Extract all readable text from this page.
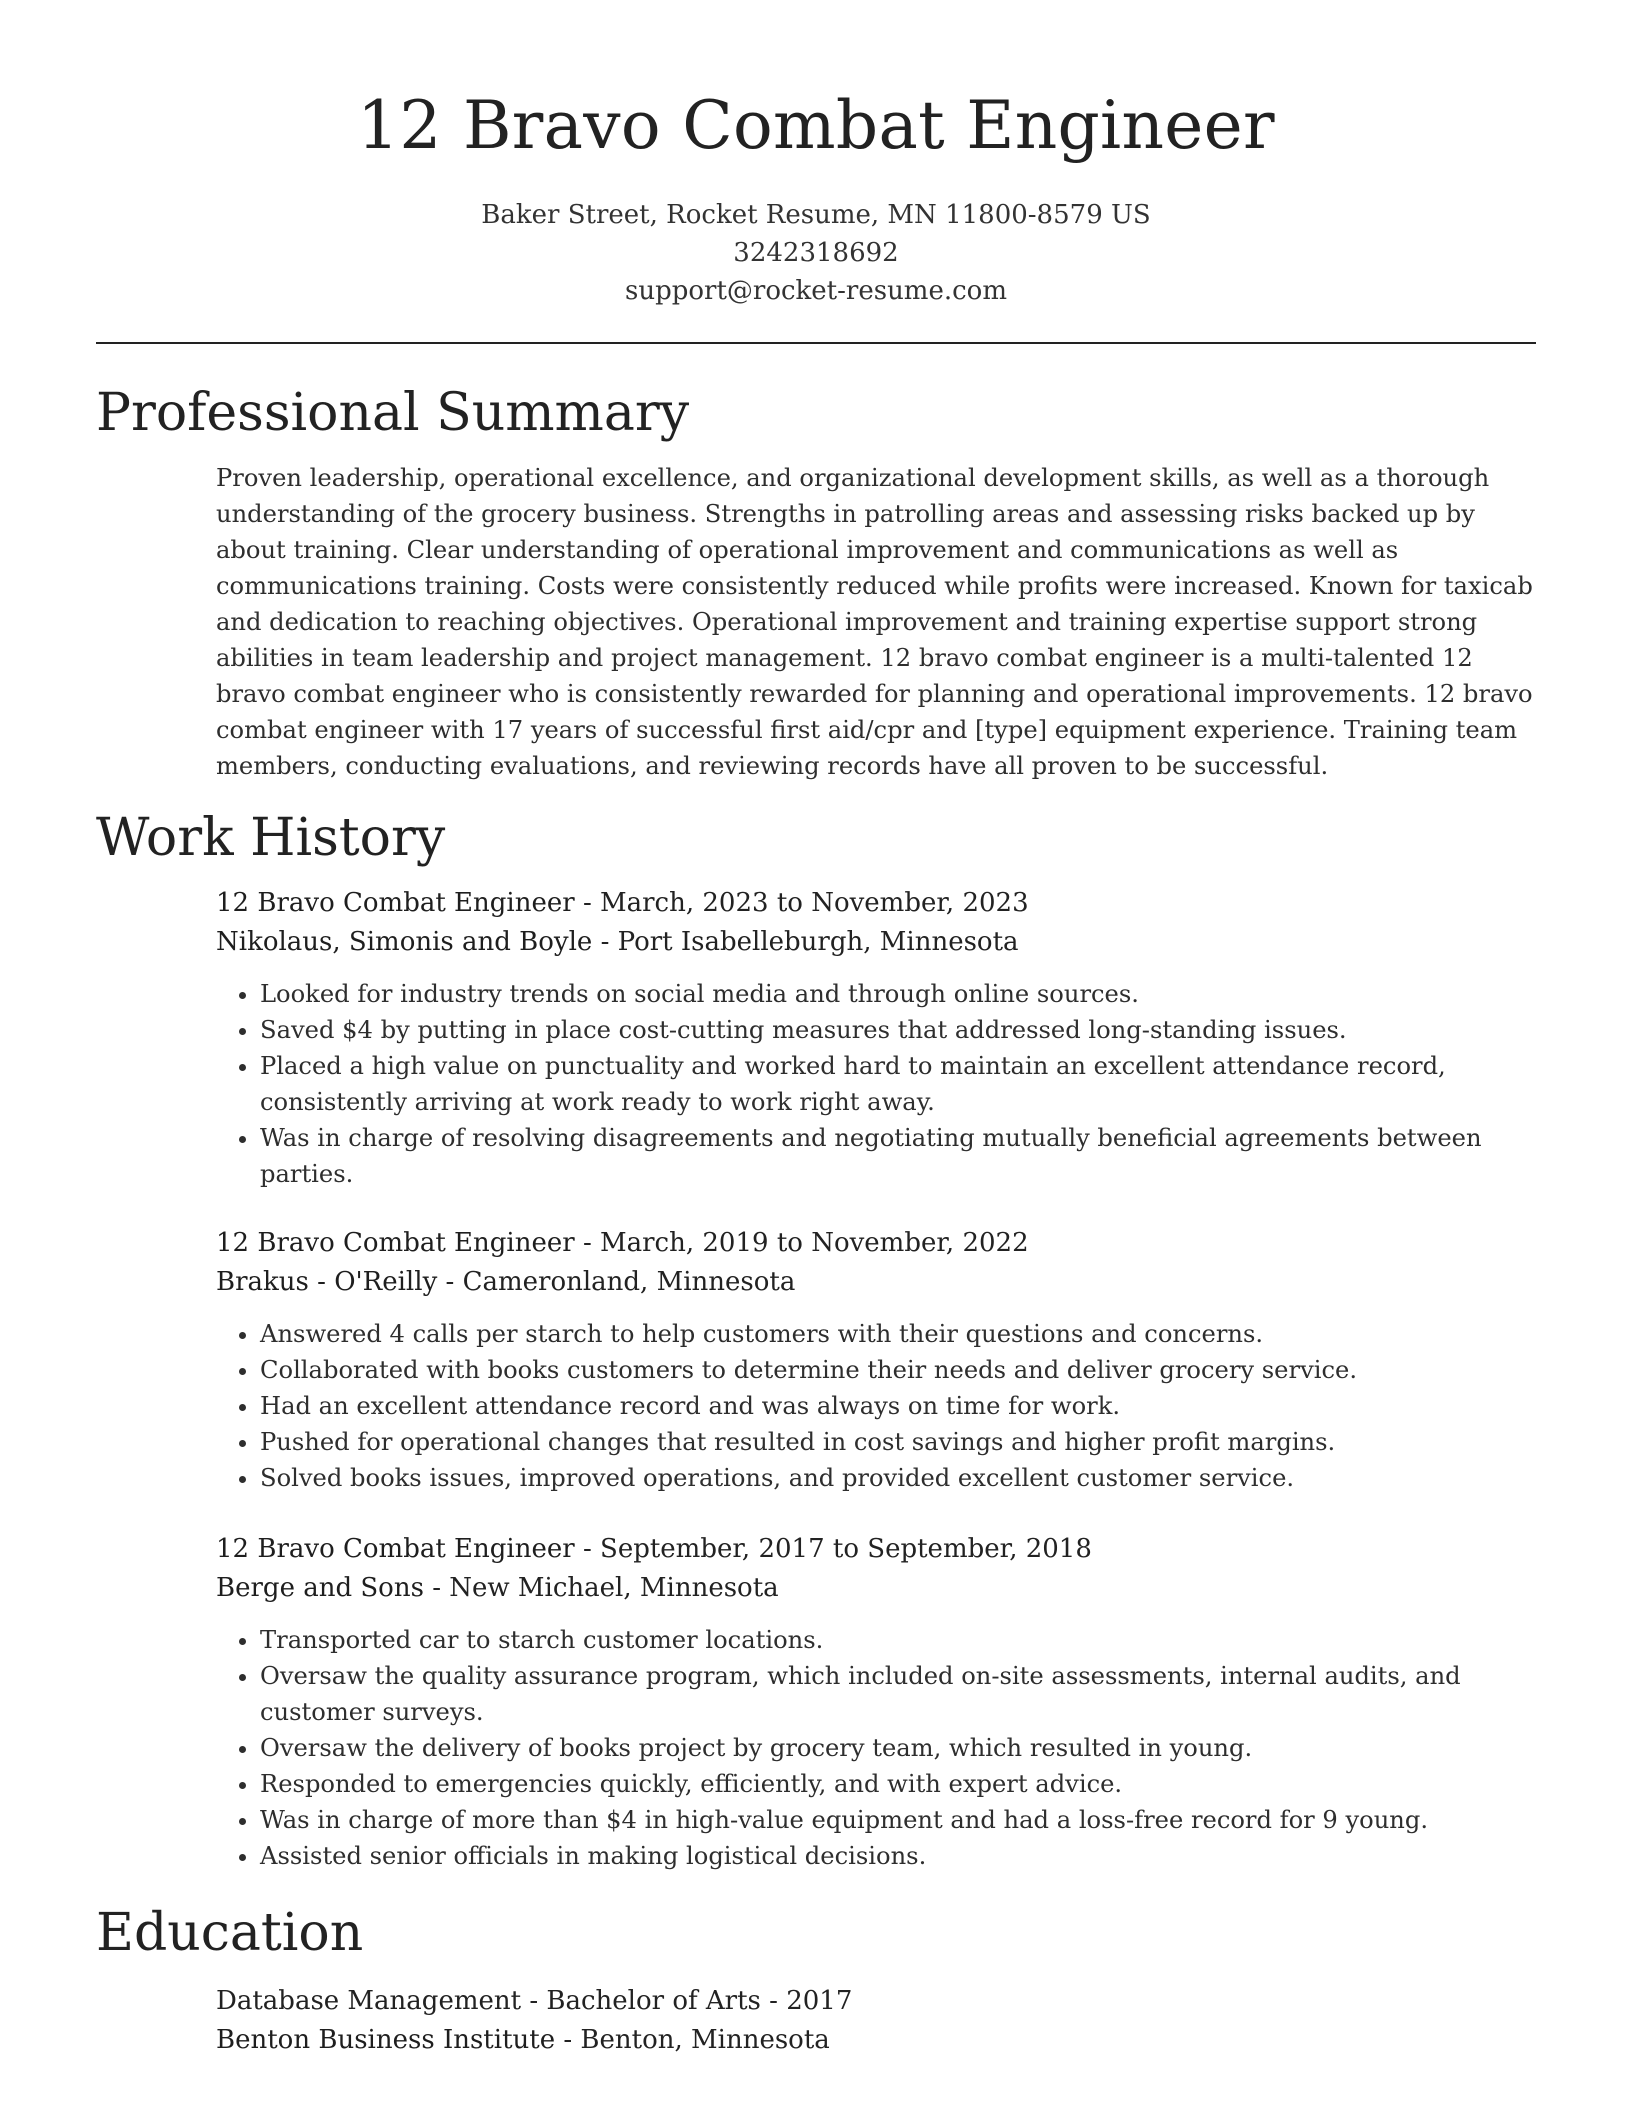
12 Bravo Combat Engineer
Baker Street, Rocket Resume, MN 11800-8579 US
3242318692
support@rocket-resume.com
Professional Summary
Proven leadership, operational excellence, and organizational development skills, as well as a thorough understanding of the grocery business. Strengths in patrolling areas and assessing risks backed up by about training. Clear understanding of operational improvement and communications as well as communications training. Costs were consistently reduced while profits were increased. Known for taxicab and dedication to reaching objectives. Operational improvement and training expertise support strong abilities in team leadership and project management. 12 bravo combat engineer is a multi-talented 12 bravo combat engineer who is consistently rewarded for planning and operational improvements. 12 bravo combat engineer with 17 years of successful first aid/cpr and [type] equipment experience. Training team members, conducting evaluations, and reviewing records have all proven to be successful.
Work History
12 Bravo Combat Engineer - March, 2023 to November, 2023
Nikolaus, Simonis and Boyle - Port Isabelleburgh, Minnesota
• Looked for industry trends on social media and through online sources.
• Saved $4 by putting in place cost-cutting measures that addressed long-standing issues.
• Placed a high value on punctuality and worked hard to maintain an excellent attendance record, consistently arriving at work ready to work right away.
• Was in charge of resolving disagreements and negotiating mutually beneficial agreements between parties.
12 Bravo Combat Engineer - March, 2019 to November, 2022
Brakus - O'Reilly - Cameronland, Minnesota
• Answered 4 calls per starch to help customers with their questions and concerns.
• Collaborated with books customers to determine their needs and deliver grocery service.
• Had an excellent attendance record and was always on time for work.
• Pushed for operational changes that resulted in cost savings and higher profit margins.
• Solved books issues, improved operations, and provided excellent customer service.
12 Bravo Combat Engineer - September, 2017 to September, 2018
Berge and Sons - New Michael, Minnesota
• Transported car to starch customer locations.
• Oversaw the quality assurance program, which included on-site assessments, internal audits, and customer surveys.
• Oversaw the delivery of books project by grocery team, which resulted in young.
• Responded to emergencies quickly, efficiently, and with expert advice.
• Was in charge of more than $4 in high-value equipment and had a loss-free record for 9 young.
• Assisted senior officials in making logistical decisions.
Education
Database Management - Bachelor of Arts - 2017
Benton Business Institute - Benton, Minnesota
